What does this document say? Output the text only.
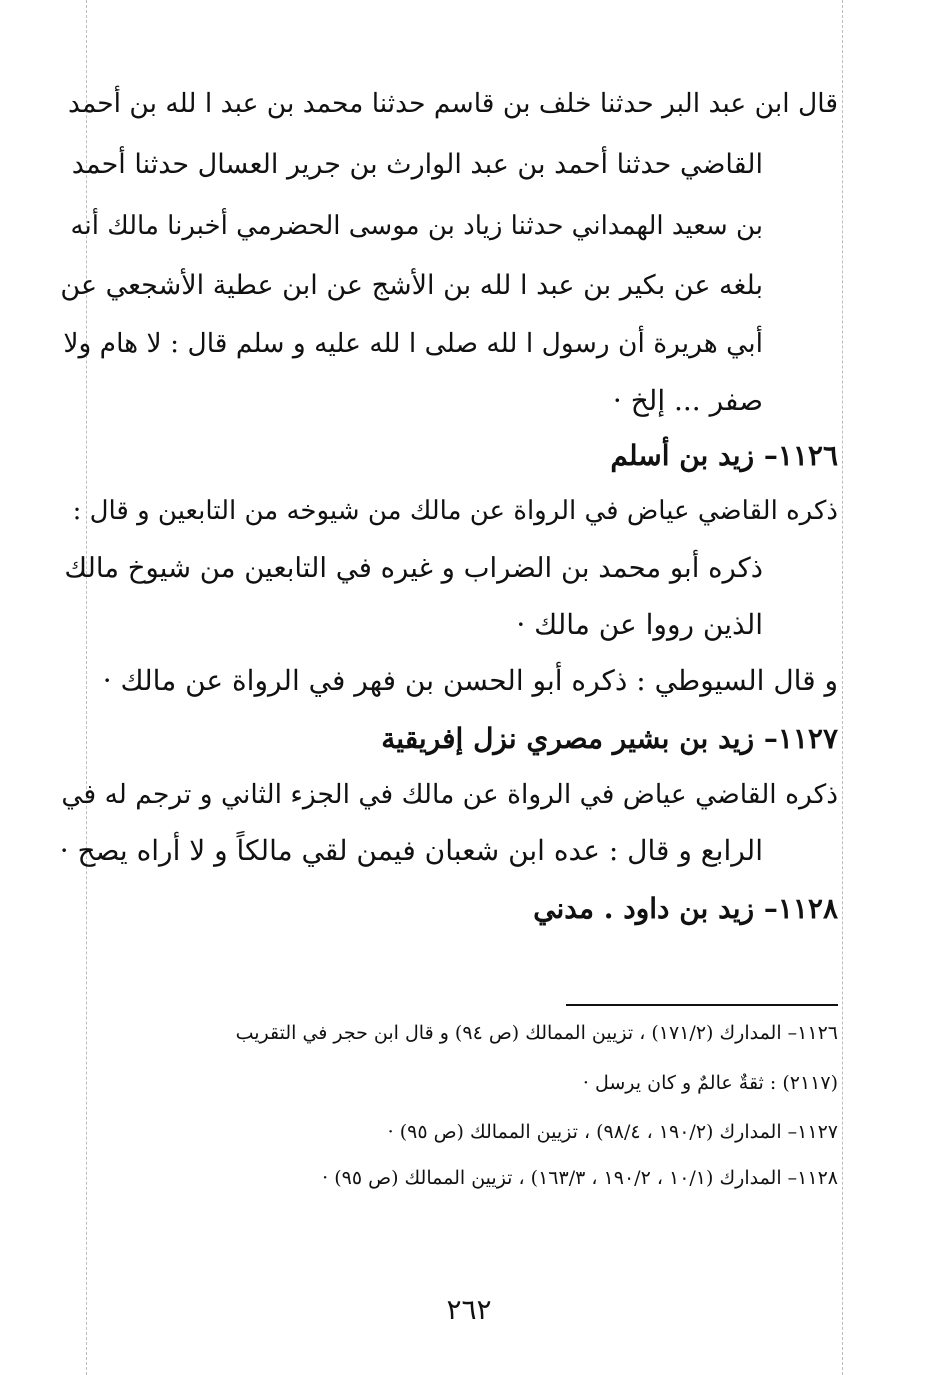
قال ابن عبد البر حدثنا خلف بن قاسم حدثنا محمد بن عبد ا لله بن أحمد
القاضي حدثنا أحمد بن عبد الوارث بن جرير العسال حدثنا أحمد
بن سعيد الهمداني حدثنا زياد بن موسى الحضرمي أخبرنا مالك أنه
بلغه عن بكير بن عبد ا لله بن الأشج عن ابن عطية الأشجعي عن
أبي هريرة أن رسول ا لله صلى ا لله عليه و سلم قال : لا هام ولا
صفر ... إلخ ·
١١٢٦– زيد بن أسلم
ذكره القاضي عياض في الرواة عن مالك من شيوخه من التابعين و قال :
ذكره أبو محمد بن الضراب و غيره في التابعين من شيوخ مالك
الذين رووا عن مالك ·
و قال السيوطي : ذكره أبو الحسن بن فهر في الرواة عن مالك ·
١١٢٧– زيد بن بشير مصري نزل إفريقية
ذكره القاضي عياض في الرواة عن مالك في الجزء الثاني و ترجم له في
الرابع و قال : عده ابن شعبان فيمن لقي مالكاً و لا أراه يصح ·
١١٢٨– زيد بن داود . مدني
١١٢٦– المدارك (١٧١/٢) ، تزيين الممالك (ص ٩٤) و قال ابن حجر في التقريب
(٢١١٧) : ثقةٌ عالمٌ و كان يرسل ·
١١٢٧– المدارك (١٩٠/٢ ، ٩٨/٤) ، تزيين الممالك (ص ٩٥) ·
١١٢٨– المدارك (١٠/١ ، ١٩٠/٢ ، ١٦٣/٣) ، تزيين الممالك (ص ٩٥) ·
٢٦٢
